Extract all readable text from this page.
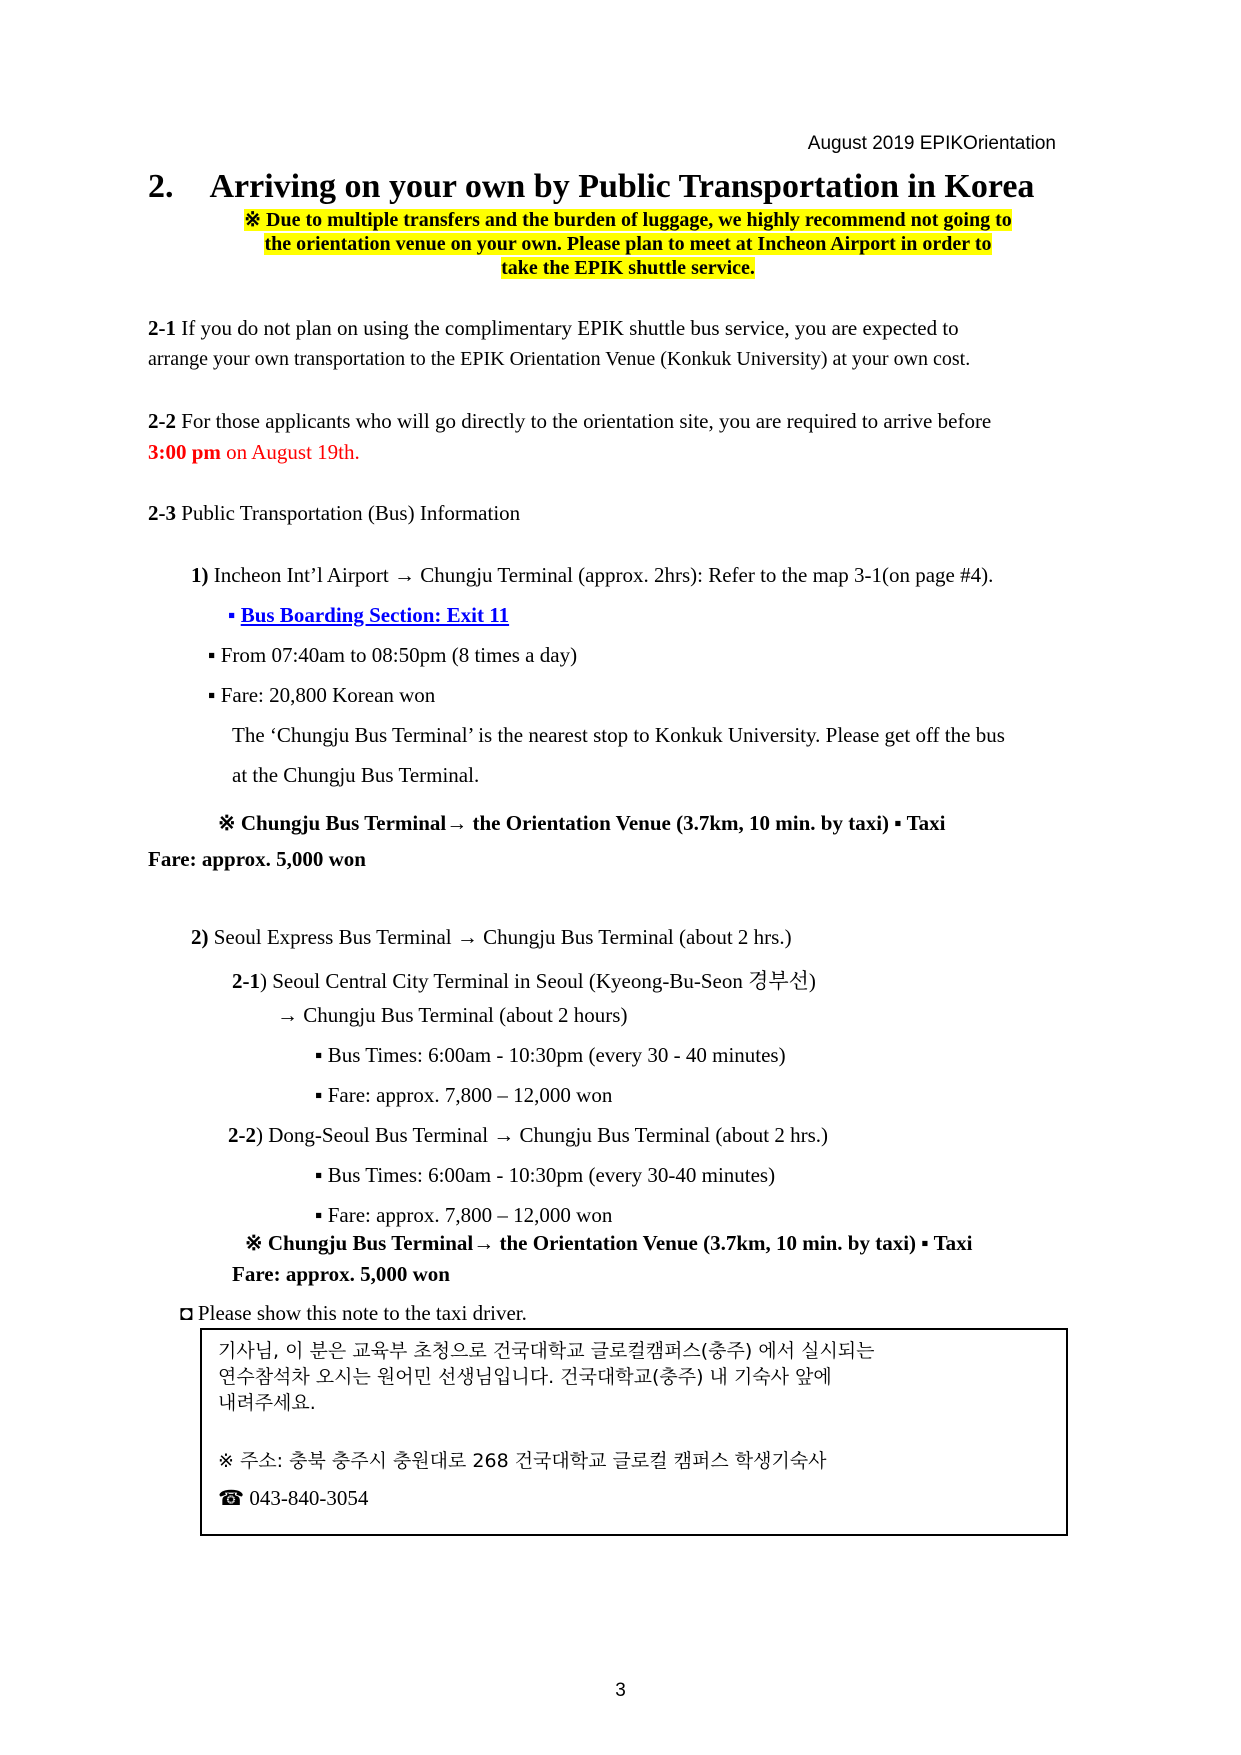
August 2019 EPIKOrientation
2. Arriving on your own by Public Transportation in Korea
※ Due to multiple transfers and the burden of luggage, we highly recommend not going to
the orientation venue on your own. Please plan to meet at Incheon Airport in order to
take the EPIK shuttle service.
2-1 If you do not plan on using the complimentary EPIK shuttle bus service, you are expected to
arrange your own transportation to the EPIK Orientation Venue (Konkuk University) at your own cost.
2-2 For those applicants who will go directly to the orientation site, you are required to arrive before
3:00 pm on August 19th.
2-3 Public Transportation (Bus) Information
1) Incheon Int’l Airport → Chungju Terminal (approx. 2hrs): Refer to the map 3-1(on page #4).
▪ Bus Boarding Section: Exit 11
▪ From 07:40am to 08:50pm (8 times a day)
▪ Fare: 20,800 Korean won
The ‘Chungju Bus Terminal’ is the nearest stop to Konkuk University. Please get off the bus
at the Chungju Bus Terminal.
※ Chungju Bus Terminal→ the Orientation Venue (3.7km, 10 min. by taxi) ▪ Taxi
Fare: approx. 5,000 won
2) Seoul Express Bus Terminal → Chungju Bus Terminal (about 2 hrs.)
2-1) Seoul Central City Terminal in Seoul (Kyeong-Bu-Seon 경부선)
→ Chungju Bus Terminal (about 2 hours)
▪ Bus Times: 6:00am - 10:30pm (every 30 - 40 minutes)
▪ Fare: approx. 7,800 – 12,000 won
2-2) Dong-Seoul Bus Terminal → Chungju Bus Terminal (about 2 hrs.)
▪ Bus Times: 6:00am - 10:30pm (every 30-40 minutes)
▪ Fare: approx. 7,800 – 12,000 won
※ Chungju Bus Terminal→ the Orientation Venue (3.7km, 10 min. by taxi) ▪ Taxi
Fare: approx. 5,000 won
◘ Please show this note to the taxi driver.
기사님, 이 분은 교육부 초청으로 건국대학교 글로컬캠퍼스(충주) 에서 실시되는
연수참석차 오시는 원어민 선생님입니다. 건국대학교(충주) 내 기숙사 앞에
내려주세요.
※ 주소: 충북 충주시 충원대로 268 건국대학교 글로컬 캠퍼스 학생기숙사
☎ 043-840-3054
3
